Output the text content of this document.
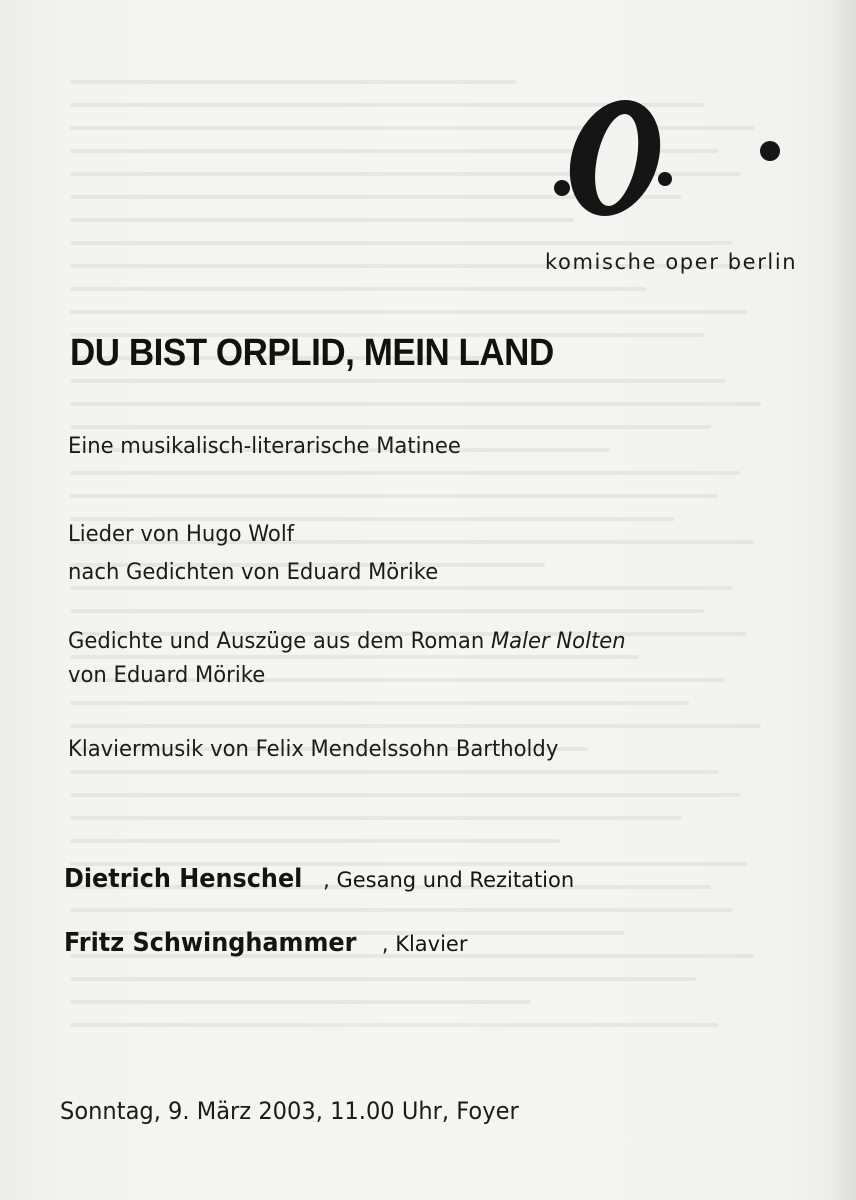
komische oper berlin
DU BIST ORPLID, MEIN LAND
Eine musikalisch-literarische Matinee
Lieder von Hugo Wolf
nach Gedichten von Eduard Mörike
Gedichte und Auszüge aus dem Roman Maler Nolten
von Eduard Mörike
Klaviermusik von Felix Mendelssohn Bartholdy
Dietrich Henschel , Gesang und Rezitation
Fritz Schwinghammer , Klavier
Sonntag, 9. März 2003, 11.00 Uhr, Foyer
